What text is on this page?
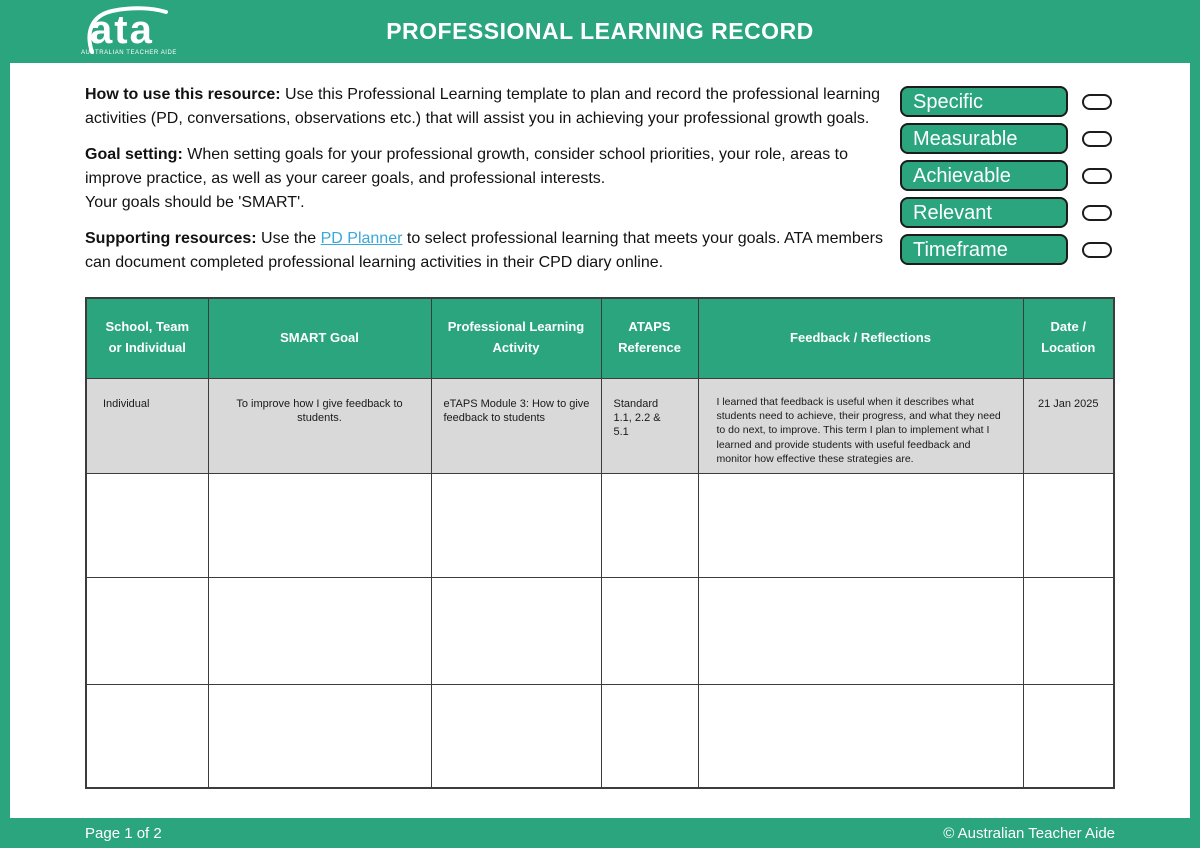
ata
AUSTRALIAN TEACHER AIDE
PROFESSIONAL LEARNING RECORD

How to use this resource: Use this Professional Learning template to plan and record the professional learning activities (PD, conversations, observations etc.) that will assist you in achieving your professional growth goals.

Goal setting: When setting goals for your professional growth, consider school priorities, your role, areas to improve practice, as well as your career goals, and professional interests.
Your goals should be 'SMART'.

Supporting resources: Use the PD Planner to select professional learning that meets your goals. ATA members can document completed professional learning activities in their CPD diary online.

Specific
Measurable
Achievable
Relevant
Timeframe
School, Team or Individual	SMART Goal	Professional Learning Activity	ATAPS Reference	Feedback / Reflections	Date / Location
Individual	To improve how I give feedback to students.	eTAPS Module 3: How to give feedback to students	Standard 1.1, 2.2 & 5.1	I learned that feedback is useful when it describes what students need to achieve, their progress, and what they need to do next, to improve. This term I plan to implement what I learned and provide students with useful feedback and monitor how effective these strategies are.	21 Jan 2025

Page 1 of 2	© Australian Teacher Aide
